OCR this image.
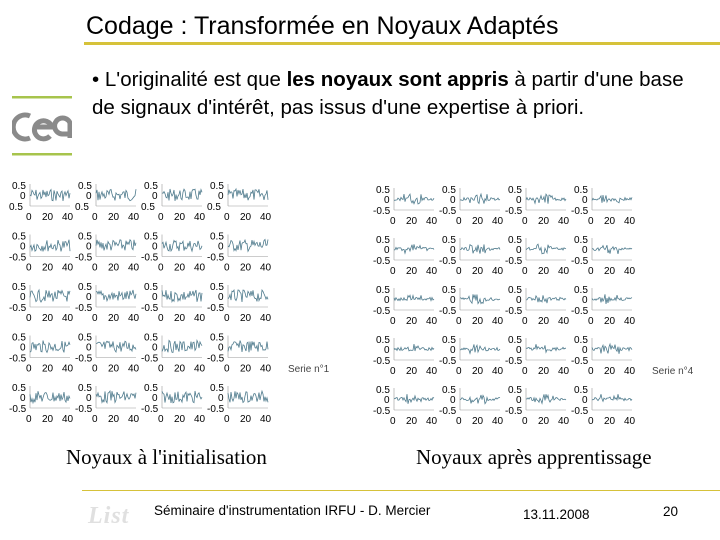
Codage : Transformée en Noyaux Adaptés
• L'originalité est que les noyaux sont appris à partir d'une base de signaux d'intérêt, pas issus d'une expertise à priori.
0.5
0
0.5
0 20 40
0.5
0
0.5
0 20 40
0.5
0
0.5
0 20 40
0.5
0
0.5
0 20 40
0.5
0
-0.5
0 20 40
0.5
0
-0.5
0 20 40
0.5
0
-0.5
0 20 40
0.5
0
-0.5
0 20 40
0.5
0
-0.5
0 20 40
0.5
0
-0.5
0 20 40
0.5
0
-0.5
0 20 40
0.5
0
-0.5
0 20 40
0.5
0
-0.5
0 20 40
0.5
0
-0.5
0 20 40
0.5
0
-0.5
0 20 40
0.5
0
-0.5
0 20 40
0.5
0
-0.5
0 20 40
0.5
0
-0.5
0 20 40
0.5
0
-0.5
0 20 40
0.5
0
-0.5
0 20 40
Serie n°1
0.5
0
-0.5
0 20 40
0.5
0
-0.5
0 20 40
0.5
0
-0.5
0 20 40
0.5
0
-0.5
0 20 40
0.5
0
-0.5
0 20 40
0.5
0
-0.5
0 20 40
0.5
0
-0.5
0 20 40
0.5
0
-0.5
0 20 40
0.5
0
-0.5
0 20 40
0.5
0
-0.5
0 20 40
0.5
0
-0.5
0 20 40
0.5
0
-0.5
0 20 40
0.5
0
-0.5
0 20 40
0.5
0
-0.5
0 20 40
0.5
0
-0.5
0 20 40
0.5
0
-0.5
0 20 40
0.5
0
-0.5
0 20 40
0.5
0
-0.5
0 20 40
0.5
0
-0.5
0 20 40
0.5
0
-0.5
0 20 40
Serie n°4
Noyaux à l'initialisation	Noyaux après apprentissage
List Séminaire d'instrumentation IRFU - D. Mercier	13.11.2008	20
